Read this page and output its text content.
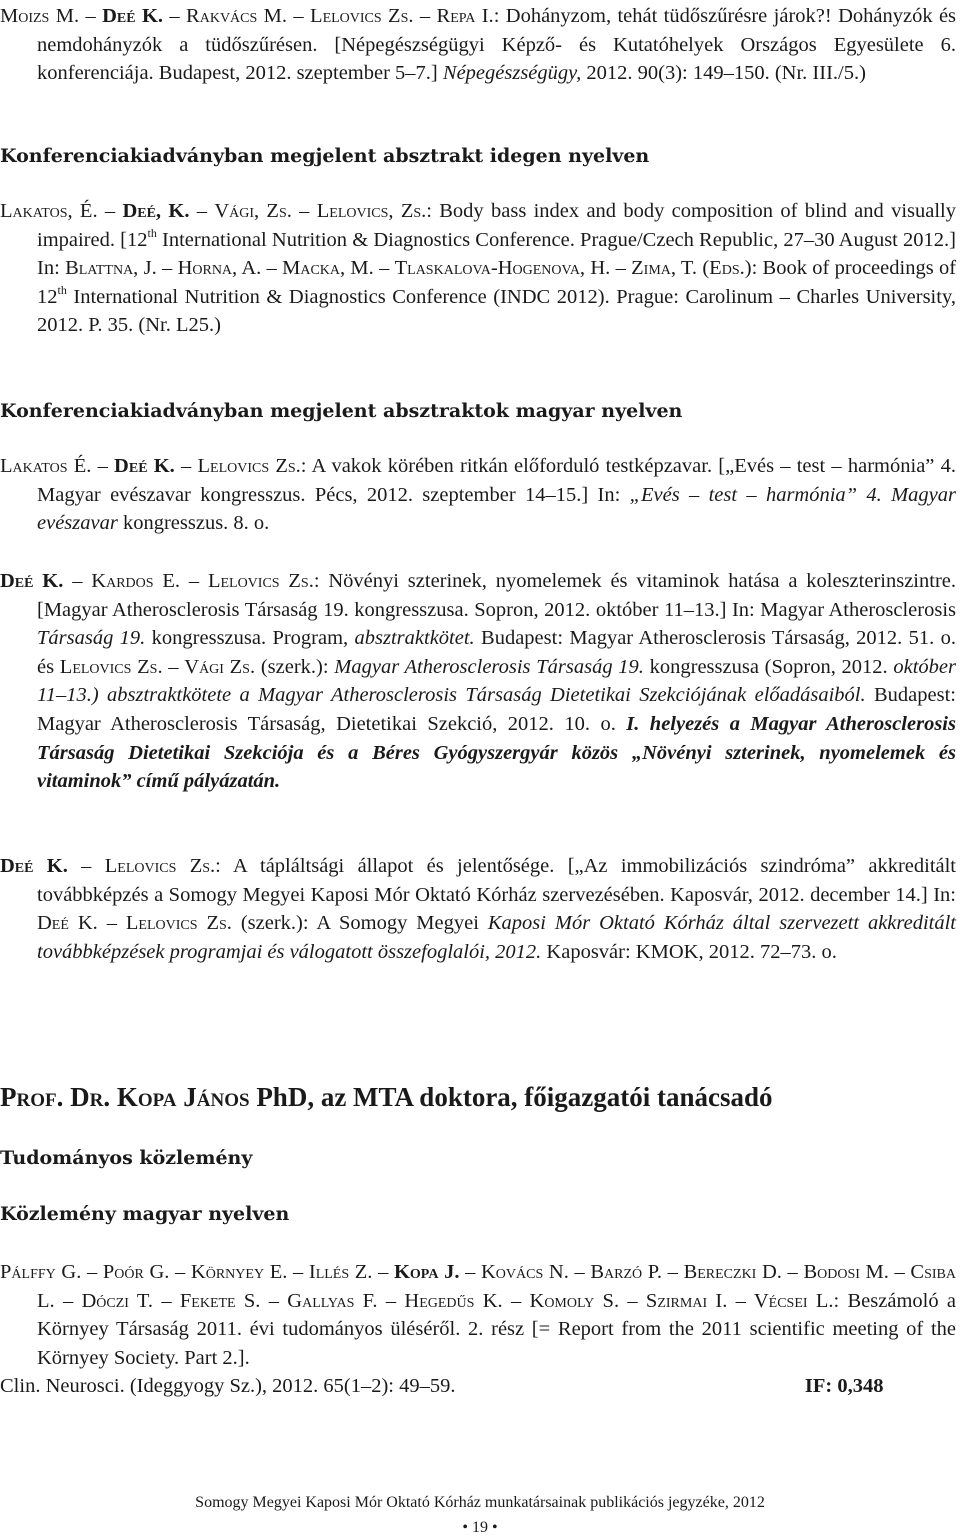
Moizs M. – Deé K. – Rakvács M. – Lelovics Zs. – Repa I.: Dohányzom, tehát tüdőszűrésre járok?! Dohányzók és nemdohányzók a tüdőszűrésen. [Népegészségügyi Képző- és Kutatóhelyek Országos Egyesülete 6. konferenciája. Budapest, 2012. szeptember 5–7.] Népegészségügy, 2012. 90(3): 149–150. (Nr. III./5.)

Konferenciakiadványban megjelent absztrakt idegen nyelven

Lakatos, É. – Deé, K. – Vági, Zs. – Lelovics, Zs.: Body bass index and body composition of blind and visually impaired. [12th International Nutrition & Diagnostics Conference. Prague/Czech Republic, 27–30 August 2012.] In: Blattna, J. – Horna, A. – Macka, M. – Tlaskalova-Hogenova, H. – Zima, T. (Eds.): Book of proceedings of 12th International Nutrition & Diagnostics Conference (INDC 2012). Prague: Carolinum – Charles University, 2012. P. 35. (Nr. L25.)

Konferenciakiadványban megjelent absztraktok magyar nyelven

Lakatos É. – Deé K. – Lelovics Zs.: A vakok körében ritkán előforduló testképzavar. [„Evés – test – harmónia” 4. Magyar evészavar kongresszus. Pécs, 2012. szeptember 14–15.] In: „Evés – test – harmónia” 4. Magyar evészavar kongresszus. 8. o.

Deé K. – Kardos E. – Lelovics Zs.: Növényi szterinek, nyomelemek és vitaminok hatása a koleszterinszintre. [Magyar Atherosclerosis Társaság 19. kongresszusa. Sopron, 2012. október 11–13.] In: Magyar Atherosclerosis Társaság 19. kongresszusa. Program, absztraktkötet. Budapest: Magyar Atherosclerosis Társaság, 2012. 51. o. és Lelovics Zs. – Vági Zs. (szerk.): Magyar Atherosclerosis Társaság 19. kongresszusa (Sopron, 2012. október 11–13.) absztraktkötete a Magyar Atherosclerosis Társaság Dietetikai Szekciójának előadásaiból. Budapest: Magyar Atherosclerosis Társaság, Dietetikai Szekció, 2012. 10. o. I. helyezés a Magyar Atherosclerosis Társaság Dietetikai Szekciója és a Béres Gyógyszergyár közös „Növényi szterinek, nyomelemek és vitaminok” című pályázatán.

Deé K. – Lelovics Zs.: A tápláltsági állapot és jelentősége. [„Az immobilizációs szindróma” akkreditált továbbképzés a Somogy Megyei Kaposi Mór Oktató Kórház szervezésében. Kaposvár, 2012. december 14.] In: Deé K. – Lelovics Zs. (szerk.): A Somogy Megyei Kaposi Mór Oktató Kórház által szervezett akkreditált továbbképzések programjai és válogatott összefoglalói, 2012. Kaposvár: KMOK, 2012. 72–73. o.

Prof. Dr. Kopa János PhD, az MTA doktora, főigazgatói tanácsadó
Tudományos közlemény
Közlemény magyar nyelven

Pálffy G. – Poór G. – Környey E. – Illés Z. – Kopa J. – Kovács N. – Barzó P. – Bereczki D. – Bodosi M. – Csiba L. – Dóczi T. – Fekete S. – Gallyas F. – Hegedűs K. – Komoly S. – Szirmai I. – Vécsei L.: Beszámoló a Környey Társaság 2011. évi tudományos üléséről. 2. rész [= Report from the 2011 scientific meeting of the Környey Society. Part 2.].

Clin. Neurosci. (Ideggyogy Sz.), 2012. 65(1–2): 49–59.	IF: 0,348

Somogy Megyei Kaposi Mór Oktató Kórház munkatársainak publikációs jegyzéke, 2012
• 19 •
